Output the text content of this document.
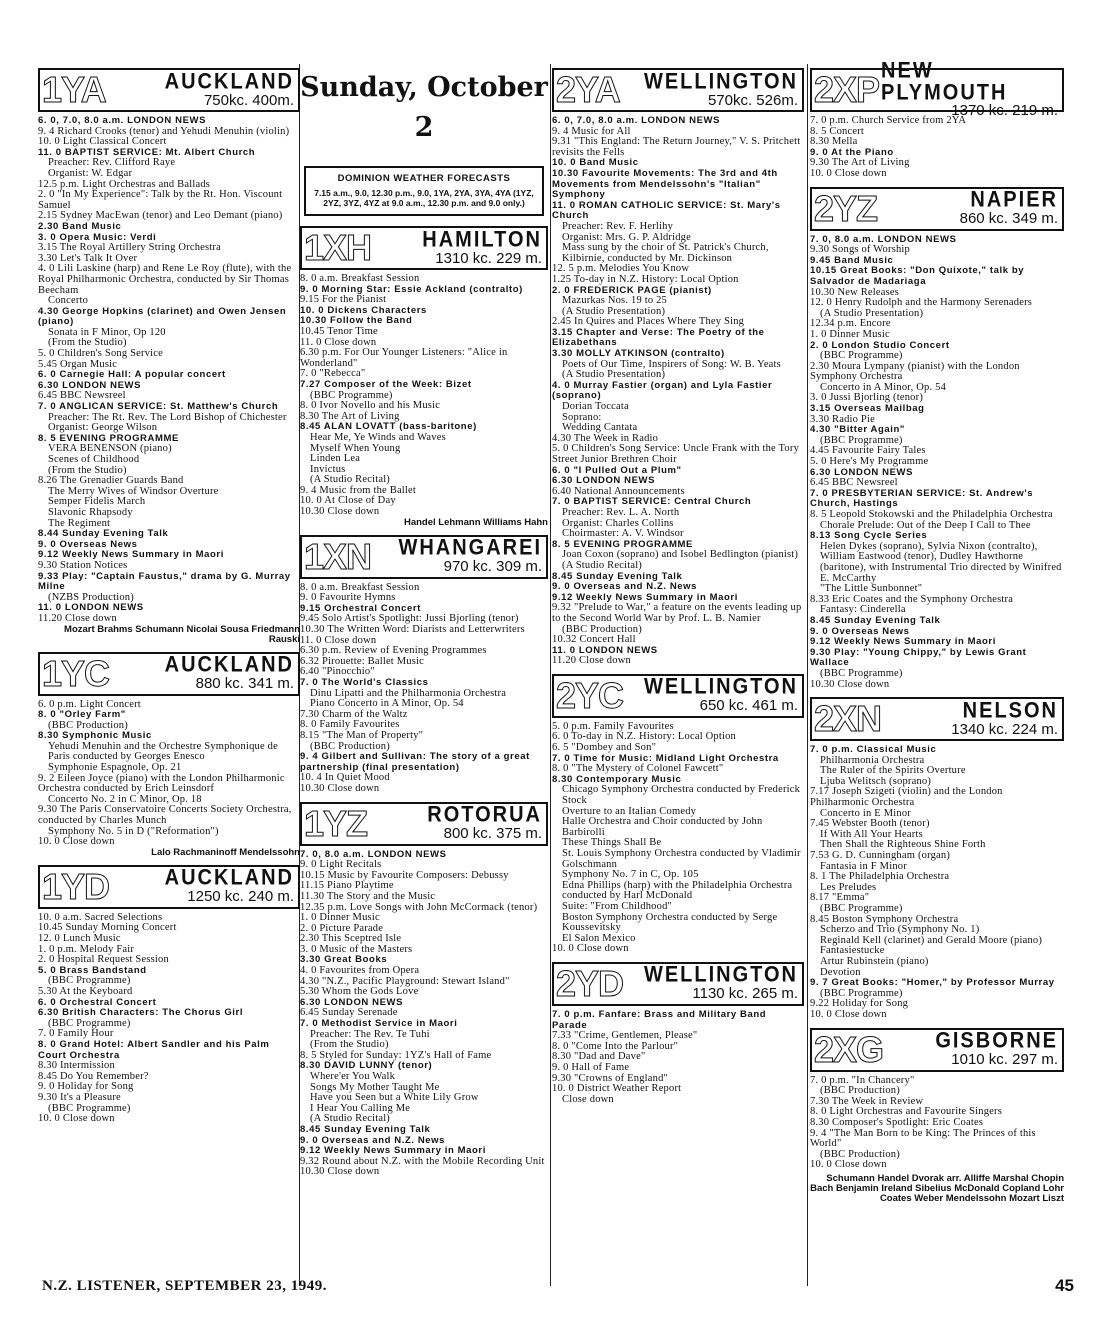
1YA	AUCKLAND
750kc. 400m.
6. 0, 7.0, 8.0 a.m. LONDON NEWS
9. 4 Richard Crooks (tenor) and Yehudi Menuhin (violin)
10. 0 Light Classical Concert
11. 0 BAPTIST SERVICE: Mt. Albert Church
Preacher: Rev. Clifford Raye
Organist: W. Edgar
12.5 p.m. Light Orchestras and Ballads
2. 0 "In My Experience": Talk by the Rt. Hon. Viscount Samuel
2.15 Sydney MacEwan (tenor) and Leo Demant (piano)
2.30 Band Music
3. 0 Opera Music: Verdi
3.15 The Royal Artillery String Orchestra
3.30 Let's Talk It Over
4. 0 Lili Laskine (harp) and Rene Le Roy (flute), with the Royal Philharmonic Orchestra, conducted by Sir Thomas Beecham
Concerto
4.30 George Hopkins (clarinet) and Owen Jensen (piano)
Sonata in F Minor, Op 120
(From the Studio)
5. 0 Children's Song Service
5.45 Organ Music
6. 0 Carnegie Hall: A popular concert
6.30 LONDON NEWS
6.45 BBC Newsreel
7. 0 ANGLICAN SERVICE: St. Matthew's Church
Preacher: The Rt. Rev. The Lord Bishop of Chichester
Organist: George Wilson
8. 5 EVENING PROGRAMME
VERA BENENSON (piano)
Scenes of Childhood
(From the Studio)
8.26 The Grenadier Guards Band
The Merry Wives of Windsor Overture
Semper Fidelis March
Slavonic Rhapsody
The Regiment
8.44 Sunday Evening Talk
9. 0 Overseas News
9.12 Weekly News Summary in Maori
9.30 Station Notices
9.33 Play: "Captain Faustus," drama by G. Murray Milne
(NZBS Production)
11. 0 LONDON NEWS
11.20 Close down
Mozart Brahms Schumann Nicolai Sousa Friedmann Rauski
1YC	AUCKLAND
880 kc. 341 m.
6. 0 p.m. Light Concert
8. 0 "Orley Farm"
(BBC Production)
8.30 Symphonic Music
Yehudi Menuhin and the Orchestre Symphonique de Paris conducted by Georges Enesco
Symphonie Espagnole, Op. 21
9. 2 Eileen Joyce (piano) with the London Philharmonic Orchestra conducted by Erich Leinsdorf
Concerto No. 2 in C Minor, Op. 18
9.30 The Paris Conservatoire Concerts Society Orchestra, conducted by Charles Munch
Symphony No. 5 in D ("Reformation")
10. 0 Close down
Lalo Rachmaninoff Mendelssohn
1YD	AUCKLAND
1250 kc. 240 m.
10. 0 a.m. Sacred Selections
10.45 Sunday Morning Concert
12. 0 Lunch Music
1. 0 p.m. Melody Fair
2. 0 Hospital Request Session
5. 0 Brass Bandstand
(BBC Programme)
5.30 At the Keyboard
6. 0 Orchestral Concert
6.30 British Characters: The Chorus Girl
(BBC Programme)
7. 0 Family Hour
8. 0 Grand Hotel: Albert Sandler and his Palm Court Orchestra
8.30 Intermission
8.45 Do You Remember?
9. 0 Holiday for Song
9.30 It's a Pleasure
(BBC Programme)
10. 0 Close down
Sunday, October 2
DOMINION WEATHER FORECASTS
7.15 a.m., 9.0, 12.30 p.m., 9.0, 1YA, 2YA, 3YA, 4YA (1YZ, 2YZ, 3YZ, 4YZ at 9.0 a.m., 12.30 p.m. and 9.0 only.)
1XH	HAMILTON
1310 kc. 229 m.
8. 0 a.m. Breakfast Session
9. 0 Morning Star: Essie Ackland (contralto)
9.15 For the Pianist
10. 0 Dickens Characters
10.30 Follow the Band
10.45 Tenor Time
11. 0 Close down
6.30 p.m. For Our Younger Listeners: "Alice in Wonderland"
7. 0 "Rebecca"
7.27 Composer of the Week: Bizet
(BBC Programme)
8. 0 Ivor Novello and his Music
8.30 The Art of Living
8.45 ALAN LOVATT (bass-baritone)
Hear Me, Ye Winds and Waves
Myself When Young
Linden Lea
Invictus
(A Studio Recital)
9. 4 Music from the Ballet
10. 0 At Close of Day
10.30 Close down
Handel Lehmann Williams Hahn
1XN WHANGAREI
970 kc. 309 m.
8. 0 a.m. Breakfast Session
9. 0 Favourite Hymns
9.15 Orchestral Concert
9.45 Solo Artist's Spotlight: Jussi Bjorling (tenor)
10.30 The Written Word: Diarists and Letterwriters
11. 0 Close down
6.30 p.m. Review of Evening Programmes
6.32 Pirouette: Ballet Music
6.40 "Pinocchio"
7. 0 The World's Classics
Dinu Lipatti and the Philharmonia Orchestra
Piano Concerto in A Minor, Op. 54
7.30 Charm of the Waltz
8. 0 Family Favourites
8.15 "The Man of Property"
(BBC Production)
9. 4 Gilbert and Sullivan: The story of a great partnership (final presentation)
10. 4 In Quiet Mood
10.30 Close down
1YZ	ROTORUA
800 kc. 375 m.
7. 0, 8.0 a.m. LONDON NEWS
9. 0 Light Recitals
10.15 Music by Favourite Composers: Debussy
11.15 Piano Playtime
11.30 The Story and the Music
12.35 p.m. Love Songs with John McCormack (tenor)
1. 0 Dinner Music
2. 0 Picture Parade
2.30 This Sceptred Isle
3. 0 Music of the Masters
3.30 Great Books
4. 0 Favourites from Opera
4.30 "N.Z., Pacific Playground: Stewart Island"
5.30 Whom the Gods Love
6.30 LONDON NEWS
6.45 Sunday Serenade
7. 0 Methodist Service in Maori
Preacher: The Rev. Te Tuhi
(From the Studio)
8. 5 Styled for Sunday: 1YZ's Hall of Fame
8.30 DAVID LUNNY (tenor)
Where'er You Walk
Songs My Mother Taught Me
Have you Seen but a White Lily Grow
I Hear You Calling Me
(A Studio Recital)
8.45 Sunday Evening Talk
9. 0 Overseas and N.Z. News
9.12 Weekly News Summary in Maori
9.32 Round about N.Z. with the Mobile Recording Unit
10.30 Close down
2YA WELLINGTON
570kc. 526m.
6. 0, 7.0, 8.0 a.m. LONDON NEWS
9. 4 Music for All
9.31 "This England: The Return Journey," V. S. Pritchett revisits the Fells
10. 0 Band Music
10.30 Favourite Movements: The 3rd and 4th Movements from Mendelssohn's "Italian" Symphony
11. 0 ROMAN CATHOLIC SERVICE: St. Mary's Church
Preacher: Rev. F. Herlihy
Organist: Mrs. G. P. Aldridge
Mass sung by the choir of St. Patrick's Church, Kilbirnie, conducted by Mr. Dickinson
12. 5 p.m. Melodies You Know
1.25 To-day in N.Z. History: Local Option
2. 0 FREDERICK PAGE (pianist)
Mazurkas Nos. 19 to 25
(A Studio Presentation)
2.45 In Quires and Places Where They Sing
3.15 Chapter and Verse: The Poetry of the Elizabethans
3.30 MOLLY ATKINSON (contralto)
Poets of Our Time, Inspirers of Song: W. B. Yeats
(A Studio Presentation)
4. 0 Murray Fastier (organ) and Lyla Fastier (soprano)
Dorian Toccata
Soprano:
Wedding Cantata
4.30 The Week in Radio
5. 0 Children's Song Service: Uncle Frank with the Tory Street Junior Brethren Choir
6. 0 "I Pulled Out a Plum"
6.30 LONDON NEWS
6.40 National Announcements
7. 0 BAPTIST SERVICE: Central Church
Preacher: Rev. L. A. North
Organist: Charles Collins
Choirmaster: A. V. Windsor
8. 5 EVENING PROGRAMME
Joan Coxon (soprano) and Isobel Bedlington (pianist)
(A Studio Recital)
8.45 Sunday Evening Talk
9. 0 Overseas and N.Z. News
9.12 Weekly News Summary in Maori
9.32 "Prelude to War," a feature on the events leading up to the Second World War by Prof. L. B. Namier
(BBC Production)
10.32 Concert Hall
11. 0 LONDON NEWS
11.20 Close down
2YC WELLINGTON
650 kc. 461 m.
5. 0 p.m. Family Favourites
6. 0 To-day in N.Z. History: Local Option
6. 5 "Dombey and Son"
7. 0 Time for Music: Midland Light Orchestra
8. 0 "The Mystery of Colonel Fawcett"
8.30 Contemporary Music
Chicago Symphony Orchestra conducted by Frederick Stock
Overture to an Italian Comedy
Halle Orchestra and Choir conducted by John Barbirolli
These Things Shall Be
St. Louis Symphony Orchestra conducted by Vladimir Golschmann
Symphony No. 7 in C, Op. 105
Edna Phillips (harp) with the Philadelphia Orchestra conducted by Harl McDonald
Suite: "From Childhood"
Boston Symphony Orchestra conducted by Serge Koussevitsky
El Salon Mexico
10. 0 Close down
2YD WELLINGTON
1130 kc. 265 m.
7. 0 p.m. Fanfare: Brass and Military Band Parade
7.33 "Crime, Gentlemen, Please"
8. 0 "Come Into the Parlour"
8.30 "Dad and Dave"
9. 0 Hall of Fame
9.30 "Crowns of England"
10. 0 District Weather Report
Close down
2XP NEW PLYMOUTH
1370 kc. 219 m.
7. 0 p.m. Church Service from 2YA
8. 5 Concert
8.30 Mella
9. 0 At the Piano
9.30 The Art of Living
10. 0 Close down
2YZ	NAPIER
860 kc. 349 m.
7. 0, 8.0 a.m. LONDON NEWS
9.30 Songs of Worship
9.45 Band Music
10.15 Great Books: "Don Quixote," talk by Salvador de Madariaga
10.30 New Releases
12. 0 Henry Rudolph and the Harmony Serenaders
(A Studio Presentation)
12.34 p.m. Encore
1. 0 Dinner Music
2. 0 London Studio Concert
(BBC Programme)
2.30 Moura Lympany (pianist) with the London Symphony Orchestra
Concerto in A Minor, Op. 54
3. 0 Jussi Bjorling (tenor)
3.15 Overseas Mailbag
3.30 Radio Pie
4.30 "Bitter Again"
(BBC Programme)
4.45 Favourite Fairy Tales
5. 0 Here's My Programme
6.30 LONDON NEWS
6.45 BBC Newsreel
7. 0 PRESBYTERIAN SERVICE: St. Andrew's Church, Hastings
8. 5 Leopold Stokowski and the Philadelphia Orchestra
Chorale Prelude: Out of the Deep I Call to Thee
8.13 Song Cycle Series
Helen Dykes (soprano), Sylvia Nixon (contralto), William Eastwood (tenor), Dudley Hawthorne (baritone), with Instrumental Trio directed by Winifred E. McCarthy
"The Little Sunbonnet"
8.33 Eric Coates and the Symphony Orchestra
Fantasy: Cinderella
8.45 Sunday Evening Talk
9. 0 Overseas News
9.12 Weekly News Summary in Maori
9.30 Play: "Young Chippy," by Lewis Grant Wallace
(BBC Programme)
10.30 Close down
2XN	NELSON
1340 kc. 224 m.
7. 0 p.m. Classical Music
Philharmonia Orchestra
The Ruler of the Spirits Overture
Ljuba Welitsch (soprano)
7.17 Joseph Szigeti (violin) and the London Philharmonic Orchestra
Concerto in E Minor
7.45 Webster Booth (tenor)
If With All Your Hearts
Then Shall the Righteous Shine Forth
7.53 G. D. Cunningham (organ)
Fantasia in F Minor
8. 1 The Philadelphia Orchestra
Les Preludes
8.17 "Emma"
(BBC Programme)
8.45 Boston Symphony Orchestra
Scherzo and Trio (Symphony No. 1)
Reginald Kell (clarinet) and Gerald Moore (piano)
Fantasiestucke
Artur Rubinstein (piano)
Devotion
9. 7 Great Books: "Homer," by Professor Murray
(BBC Programme)
9.22 Holiday for Song
10. 0 Close down
2XG	GISBORNE
1010 kc. 297 m.
7. 0 p.m. "In Chancery"
(BBC Production)
7.30 The Week in Review
8. 0 Light Orchestras and Favourite Singers
8.30 Composer's Spotlight: Eric Coates
9. 4 "The Man Born to be King: The Princes of this World"
(BBC Production)
10. 0 Close down
Schumann Handel Dvorak arr. Alliffe Marshal Chopin Bach Benjamin Ireland Sibelius McDonald Copland Lohr Coates Weber Mendelssohn Mozart Liszt
N.Z. LISTENER, SEPTEMBER 23, 1949.	45
